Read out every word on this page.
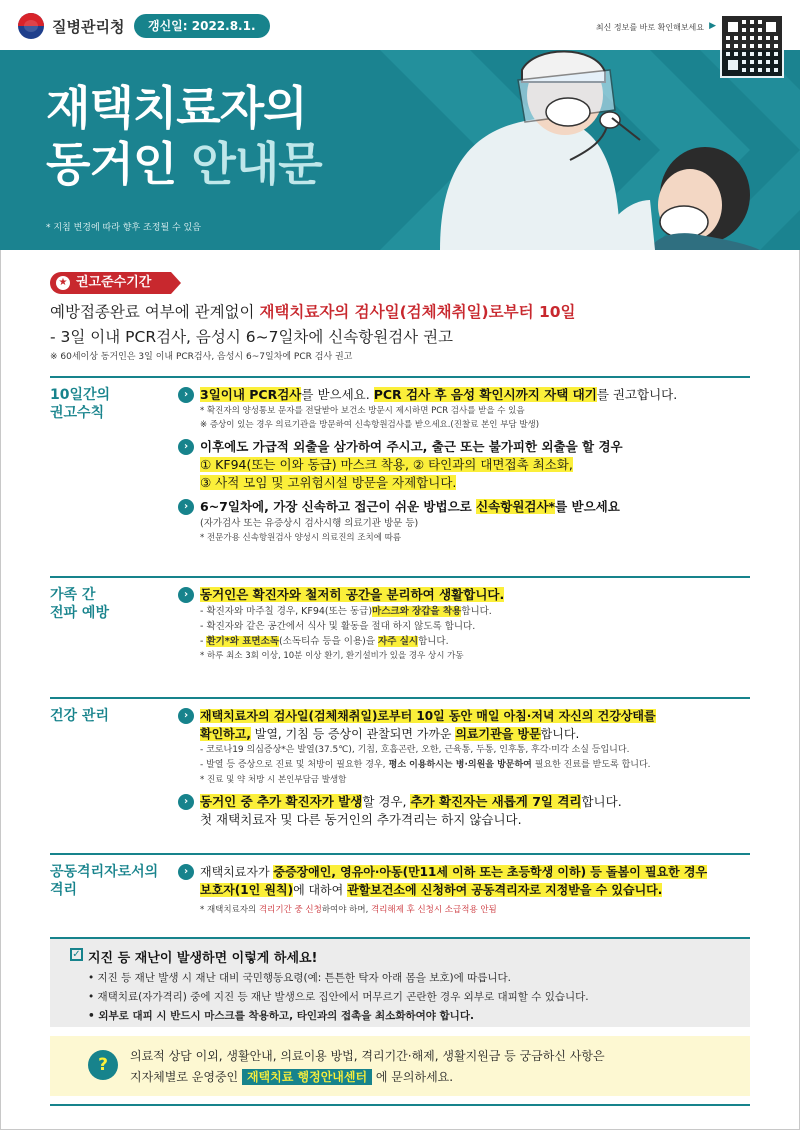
질병관리청	갱신일: 2022.8.1.
재택치료자의
동거인 안내문
* 지침 변경에 따라 향후 조정될 수 있음
최신 정보를 바로 확인해보세요 ▶
★ 권고준수기간
예방접종완료 여부에 관계없이 재택치료자의 검사일(검체채취일)로부터 10일
- 3일 이내 PCR검사, 음성시 6~7일차에 신속항원검사 권고
※ 60세이상 동거인은 3일 이내 PCR검사, 음성시 6~7일차에 PCR 검사 권고
10일간의
권고수칙
› 3일이내 PCR검사를 받으세요. PCR 검사 후 음성 확인시까지 자택 대기를 권고합니다.
* 확진자의 양성통보 문자를 전달받아 보건소 방문시 제시하면 PCR 검사를 받을 수 있음
※ 증상이 있는 경우 의료기관을 방문하여 신속항원검사를 받으세요.(진찰료 본인 부담 발생)
› 이후에도 가급적 외출을 삼가하여 주시고, 출근 또는 불가피한 외출을 할 경우
① KF94(또는 이와 동급) 마스크 착용, ② 타인과의 대면접촉 최소화,
③ 사적 모임 및 고위험시설 방문을 자제합니다.
› 6~7일차에, 가장 신속하고 접근이 쉬운 방법으로 신속항원검사*를 받으세요
(자가검사 또는 유증상시 검사시행 의료기관 방문 등)
* 전문가용 신속항원검사 양성시 의료진의 조치에 따름
가족 간
전파 예방
› 동거인은 확진자와 철저히 공간을 분리하여 생활합니다.
- 확진자와 마주칠 경우, KF94(또는 동급)마스크와 장갑을 착용합니다.
- 확진자와 같은 공간에서 식사 및 활동을 절대 하지 않도록 합니다.
- 환기*와 표면소독(소독티슈 등을 이용)을 자주 실시합니다.
* 하루 최소 3회 이상, 10분 이상 환기, 환기설비가 있을 경우 상시 가동
건강 관리	› 재택치료자의 검사일(검체채취일)로부터 10일 동안 매일 아침·저녁 자신의 건강상태를
확인하고, 발열, 기침 등 증상이 관찰되면 가까운 의료기관을 방문합니다.
- 코로나19 의심증상*은 발열(37.5℃), 기침, 호흡곤란, 오한, 근육통, 두통, 인후통, 후각·미각 소실 등입니다.
- 발열 등 증상으로 진료 및 처방이 필요한 경우, 평소 이용하시는 병·의원을 방문하여 필요한 진료를 받도록 합니다.
* 진료 및 약 처방 시 본인부담금 발생함
› 동거인 중 추가 확진자가 발생할 경우, 추가 확진자는 새롭게 7일 격리합니다.
첫 재택치료자 및 다른 동거인의 추가격리는 하지 않습니다.
공동격리자로서의
격리
› 재택치료자가 중증장애인, 영유아·아동(만11세 이하 또는 초등학생 이하) 등 돌봄이 필요한 경우
보호자(1인 원칙)에 대하여 관할보건소에 신청하여 공동격리자로 지정받을 수 있습니다.
* 재택치료자의 격리기간 중 신청하여야 하며, 격리해제 후 신청시 소급적용 안됨
✓ 지진 등 재난이 발생하면 이렇게 하세요!
• 지진 등 재난 발생 시 재난 대비 국민행동요령(예: 튼튼한 탁자 아래 몸을 보호)에 따릅니다.
• 재택치료(자가격리) 중에 지진 등 재난 발생으로 집안에서 머무르기 곤란한 경우 외부로 대피할 수 있습니다.
• 외부로 대피 시 반드시 마스크를 착용하고, 타인과의 접촉을 최소화하여야 합니다.
?	의료적 상담 이외, 생활안내, 의료이용 방법, 격리기간·해제, 생활지원금 등 궁금하신 사항은
지자체별로 운영중인 재택치료 행정안내센터 에 문의하세요.
